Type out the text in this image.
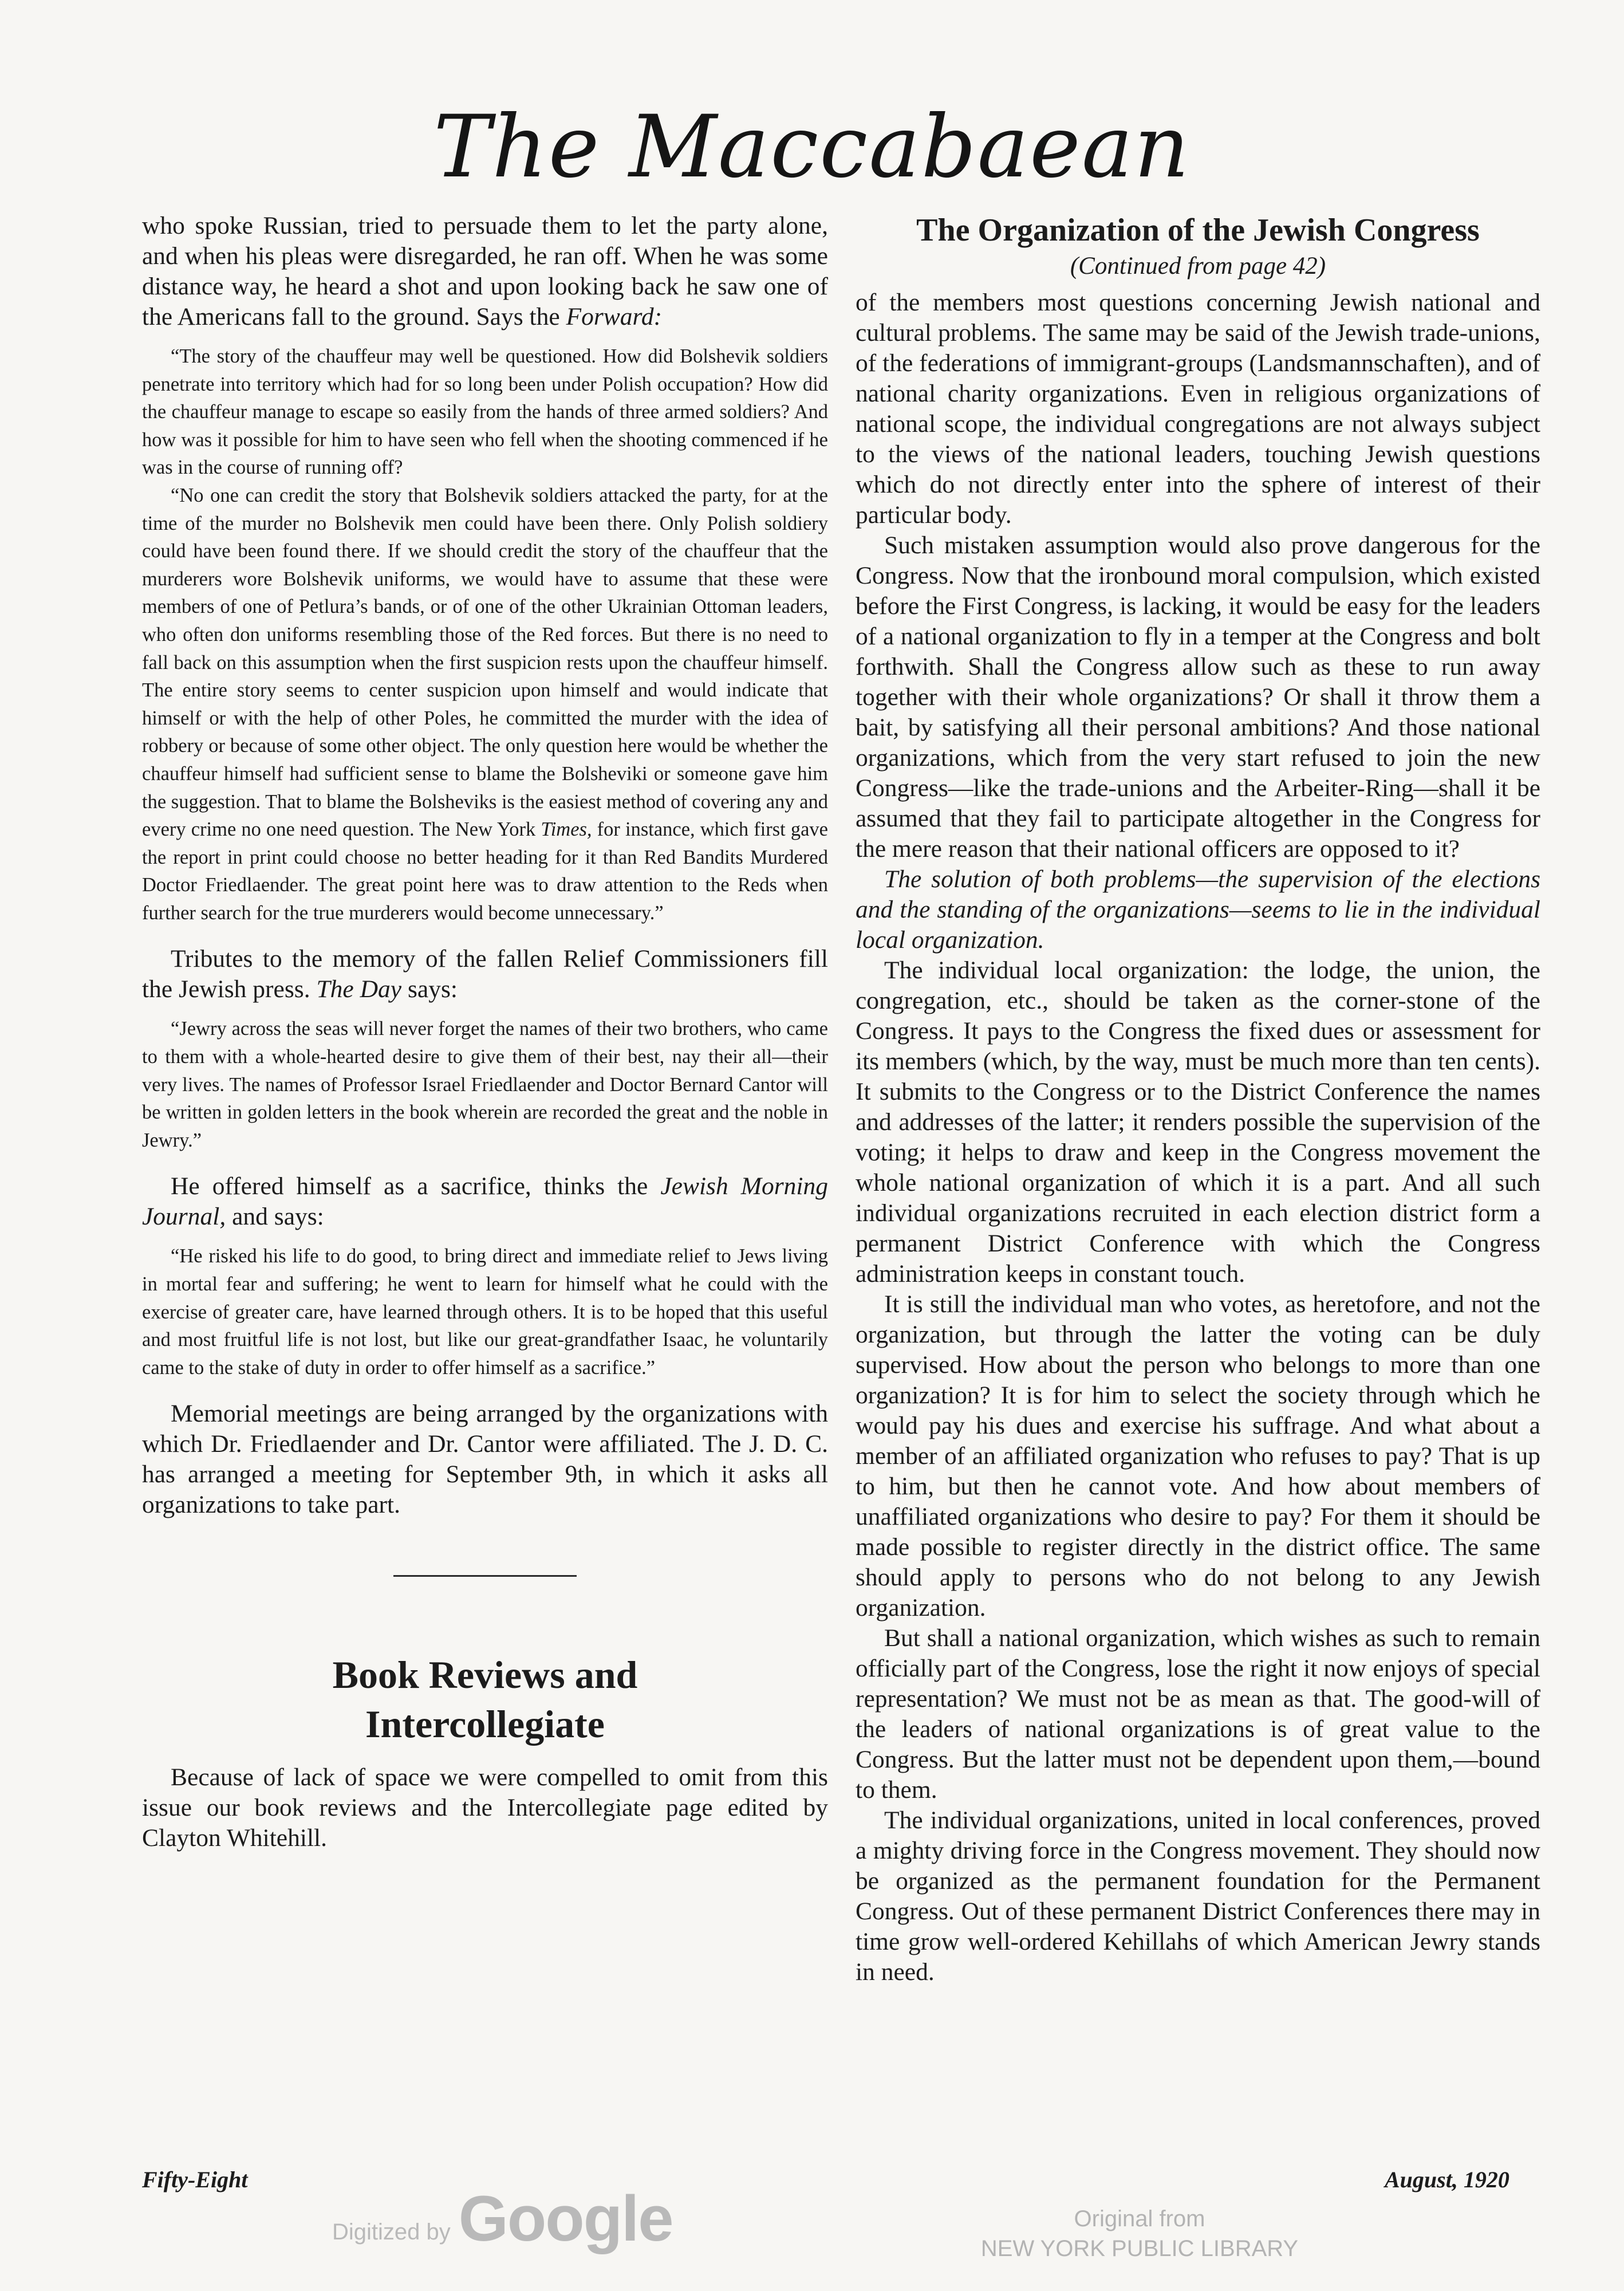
The Maccabaean

who spoke Russian, tried to persuade them to let the party alone, and when his pleas were disregarded, he ran off. When he was some distance way, he heard a shot and upon looking back he saw one of the Americans fall to the ground. Says the Forward:

“The story of the chauffeur may well be questioned. How did Bolshevik soldiers penetrate into territory which had for so long been under Polish occupation? How did the chauffeur manage to escape so easily from the hands of three armed soldiers? And how was it possible for him to have seen who fell when the shooting commenced if he was in the course of running off?

“No one can credit the story that Bolshevik soldiers attacked the party, for at the time of the murder no Bolshevik men could have been there. Only Polish soldiery could have been found there. If we should credit the story of the chauffeur that the murderers wore Bolshevik uniforms, we would have to assume that these were members of one of Petlura’s bands, or of one of the other Ukrainian Ottoman leaders, who often don uniforms resembling those of the Red forces. But there is no need to fall back on this assumption when the first suspicion rests upon the chauffeur himself. The entire story seems to center suspicion upon himself and would indicate that himself or with the help of other Poles, he committed the murder with the idea of robbery or because of some other object. The only question here would be whether the chauffeur himself had sufficient sense to blame the Bolsheviki or someone gave him the suggestion. That to blame the Bolsheviks is the easiest method of covering any and every crime no one need question. The New York Times, for instance, which first gave the report in print could choose no better heading for it than Red Bandits Murdered Doctor Friedlaender. The great point here was to draw attention to the Reds when further search for the true murderers would become unnecessary.”

Tributes to the memory of the fallen Relief Commissioners fill the Jewish press. The Day says:

“Jewry across the seas will never forget the names of their two brothers, who came to them with a whole-hearted desire to give them of their best, nay their all—their very lives. The names of Professor Israel Friedlaender and Doctor Bernard Cantor will be written in golden letters in the book wherein are recorded the great and the noble in Jewry.”

He offered himself as a sacrifice, thinks the Jewish Morning Journal, and says:

“He risked his life to do good, to bring direct and immediate relief to Jews living in mortal fear and suffering; he went to learn for himself what he could with the exercise of greater care, have learned through others. It is to be hoped that this useful and most fruitful life is not lost, but like our great-grandfather Isaac, he voluntarily came to the stake of duty in order to offer himself as a sacrifice.”

Memorial meetings are being arranged by the organizations with which Dr. Friedlaender and Dr. Cantor were affiliated. The J. D. C. has arranged a meeting for September 9th, in which it asks all organizations to take part.

Book Reviews and Intercollegiate

Because of lack of space we were compelled to omit from this issue our book reviews and the Intercollegiate page edited by Clayton Whitehill.

The Organization of the Jewish Congress

(Continued from page 42)

of the members most questions concerning Jewish national and cultural problems. The same may be said of the Jewish trade-unions, of the federations of immigrant-groups (Landsmannschaften), and of national charity organizations. Even in religious organizations of national scope, the individual congregations are not always subject to the views of the national leaders, touching Jewish questions which do not directly enter into the sphere of interest of their particular body.

Such mistaken assumption would also prove dangerous for the Congress. Now that the ironbound moral compulsion, which existed before the First Congress, is lacking, it would be easy for the leaders of a national organization to fly in a temper at the Congress and bolt forthwith. Shall the Congress allow such as these to run away together with their whole organizations? Or shall it throw them a bait, by satisfying all their personal ambitions? And those national organizations, which from the very start refused to join the new Congress—like the trade-unions and the Arbeiter-Ring—shall it be assumed that they fail to participate altogether in the Congress for the mere reason that their national officers are opposed to it?

The solution of both problems—the supervision of the elections and the standing of the organizations—seems to lie in the individual local organization.

The individual local organization: the lodge, the union, the congregation, etc., should be taken as the corner-stone of the Congress. It pays to the Congress the fixed dues or assessment for its members (which, by the way, must be much more than ten cents). It submits to the Congress or to the District Conference the names and addresses of the latter; it renders possible the supervision of the voting; it helps to draw and keep in the Congress movement the whole national organization of which it is a part. And all such individual organizations recruited in each election district form a permanent District Conference with which the Congress administration keeps in constant touch.

It is still the individual man who votes, as heretofore, and not the organization, but through the latter the voting can be duly supervised. How about the person who belongs to more than one organization? It is for him to select the society through which he would pay his dues and exercise his suffrage. And what about a member of an affiliated organization who refuses to pay? That is up to him, but then he cannot vote. And how about members of unaffiliated organizations who desire to pay? For them it should be made possible to register directly in the district office. The same should apply to persons who do not belong to any Jewish organization.

But shall a national organization, which wishes as such to remain officially part of the Congress, lose the right it now enjoys of special representation? We must not be as mean as that. The good-will of the leaders of national organizations is of great value to the Congress. But the latter must not be dependent upon them,—bound to them.

The individual organizations, united in local conferences, proved a mighty driving force in the Congress movement. They should now be organized as the permanent foundation for the Permanent Congress. Out of these permanent District Conferences there may in time grow well-ordered Kehillahs of which American Jewry stands in need.

Fifty-Eight	August, 1920
Digitized by Google	Original from
NEW YORK PUBLIC LIBRARY
